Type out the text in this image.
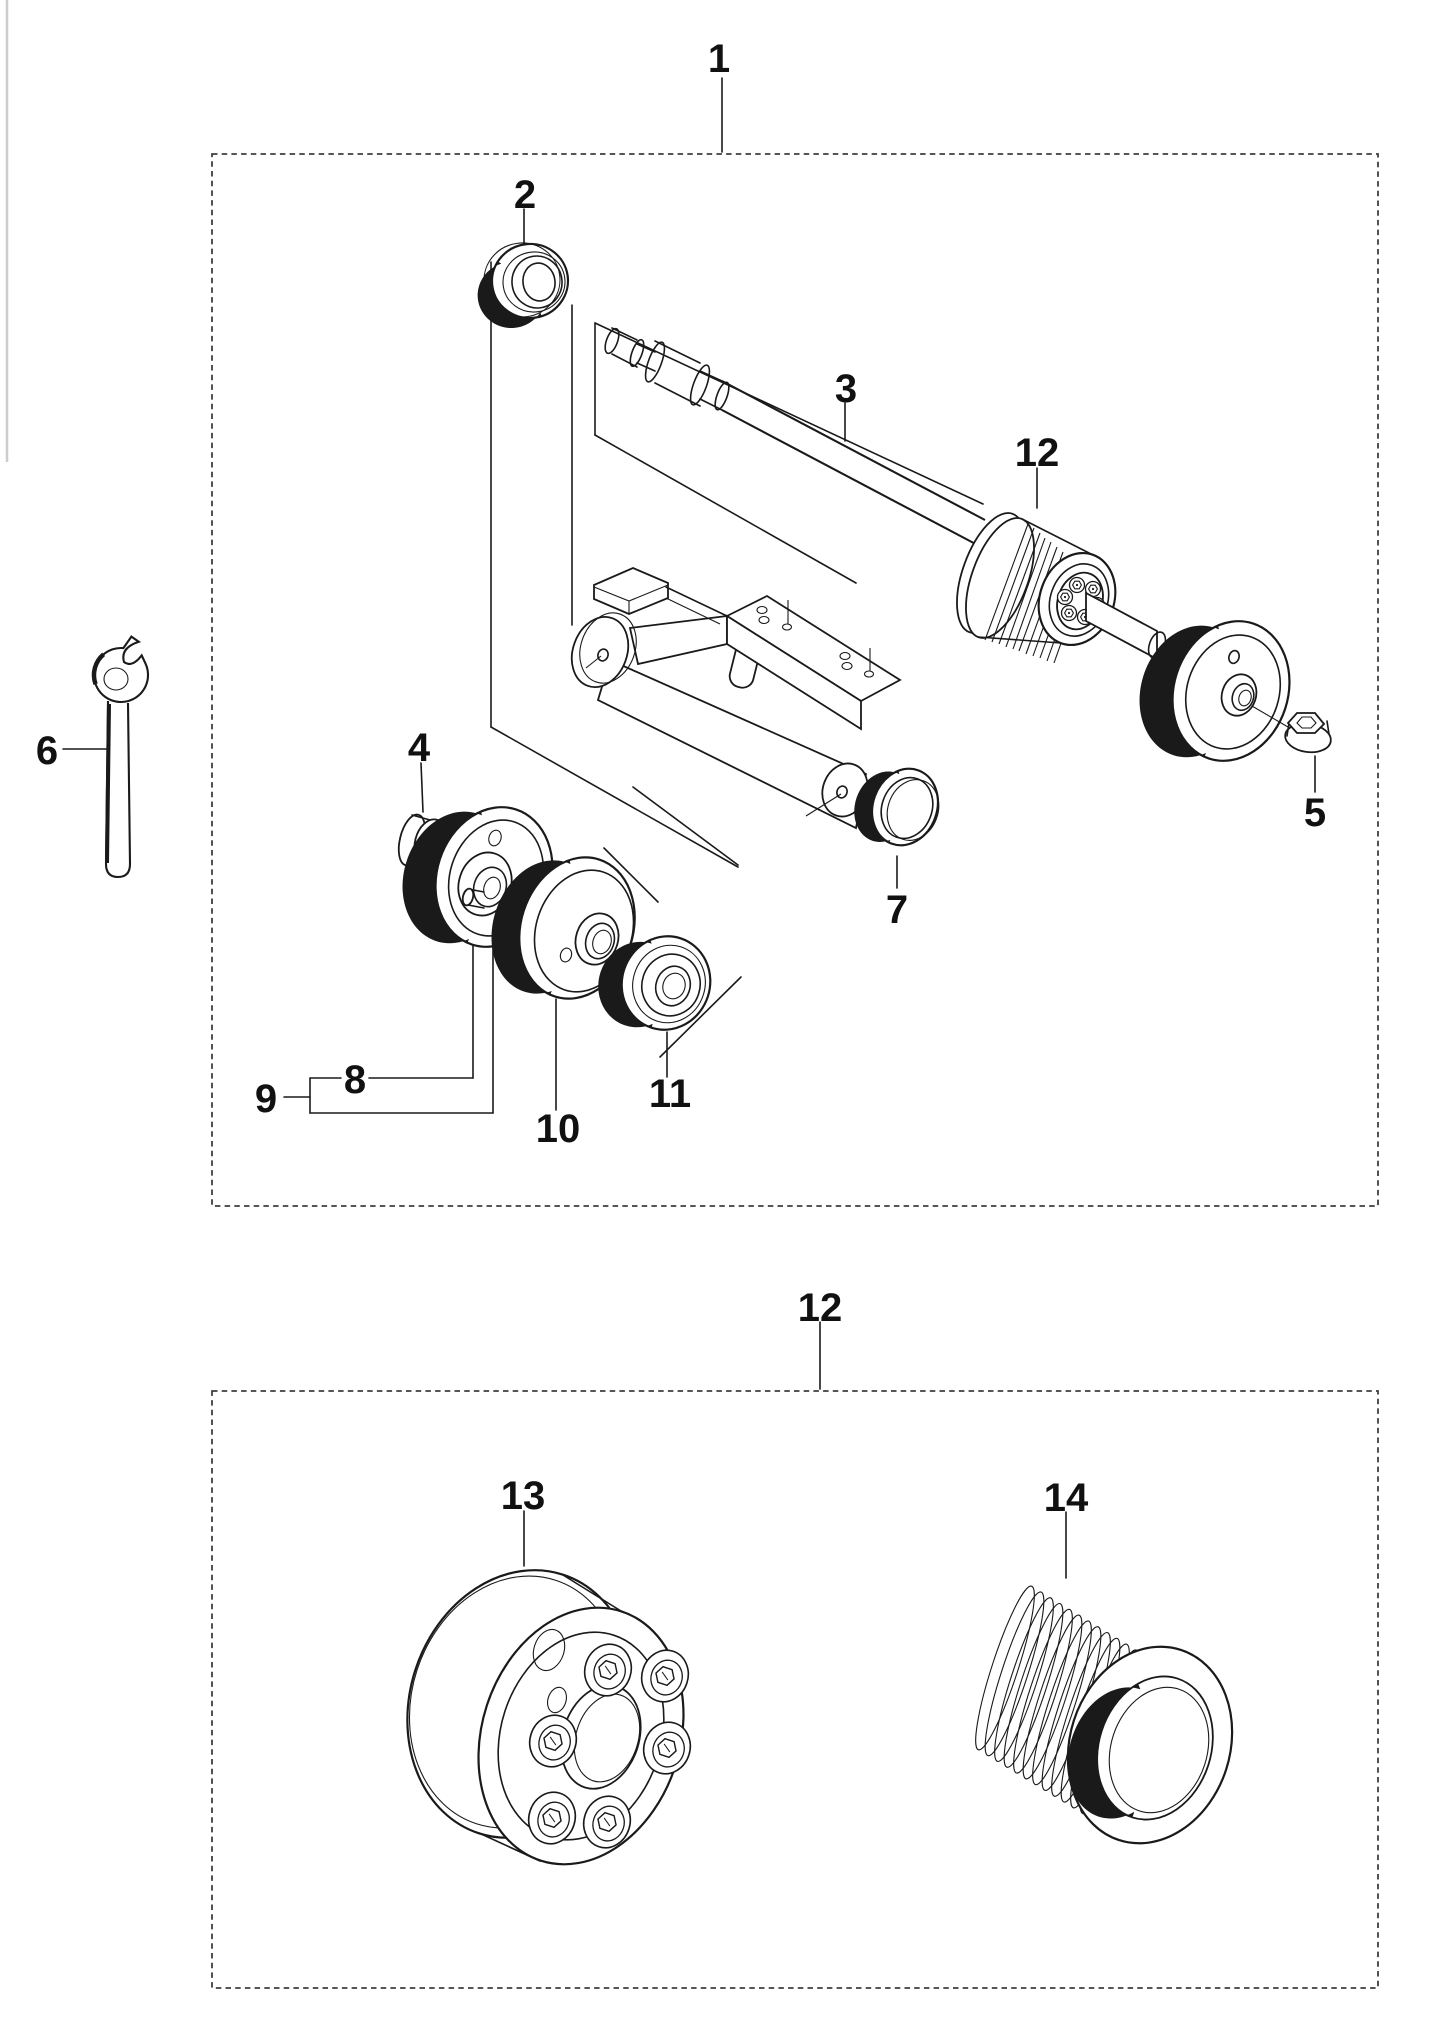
1
2
3
4
5
6
7
8
9
10
11
12
12
13	14
